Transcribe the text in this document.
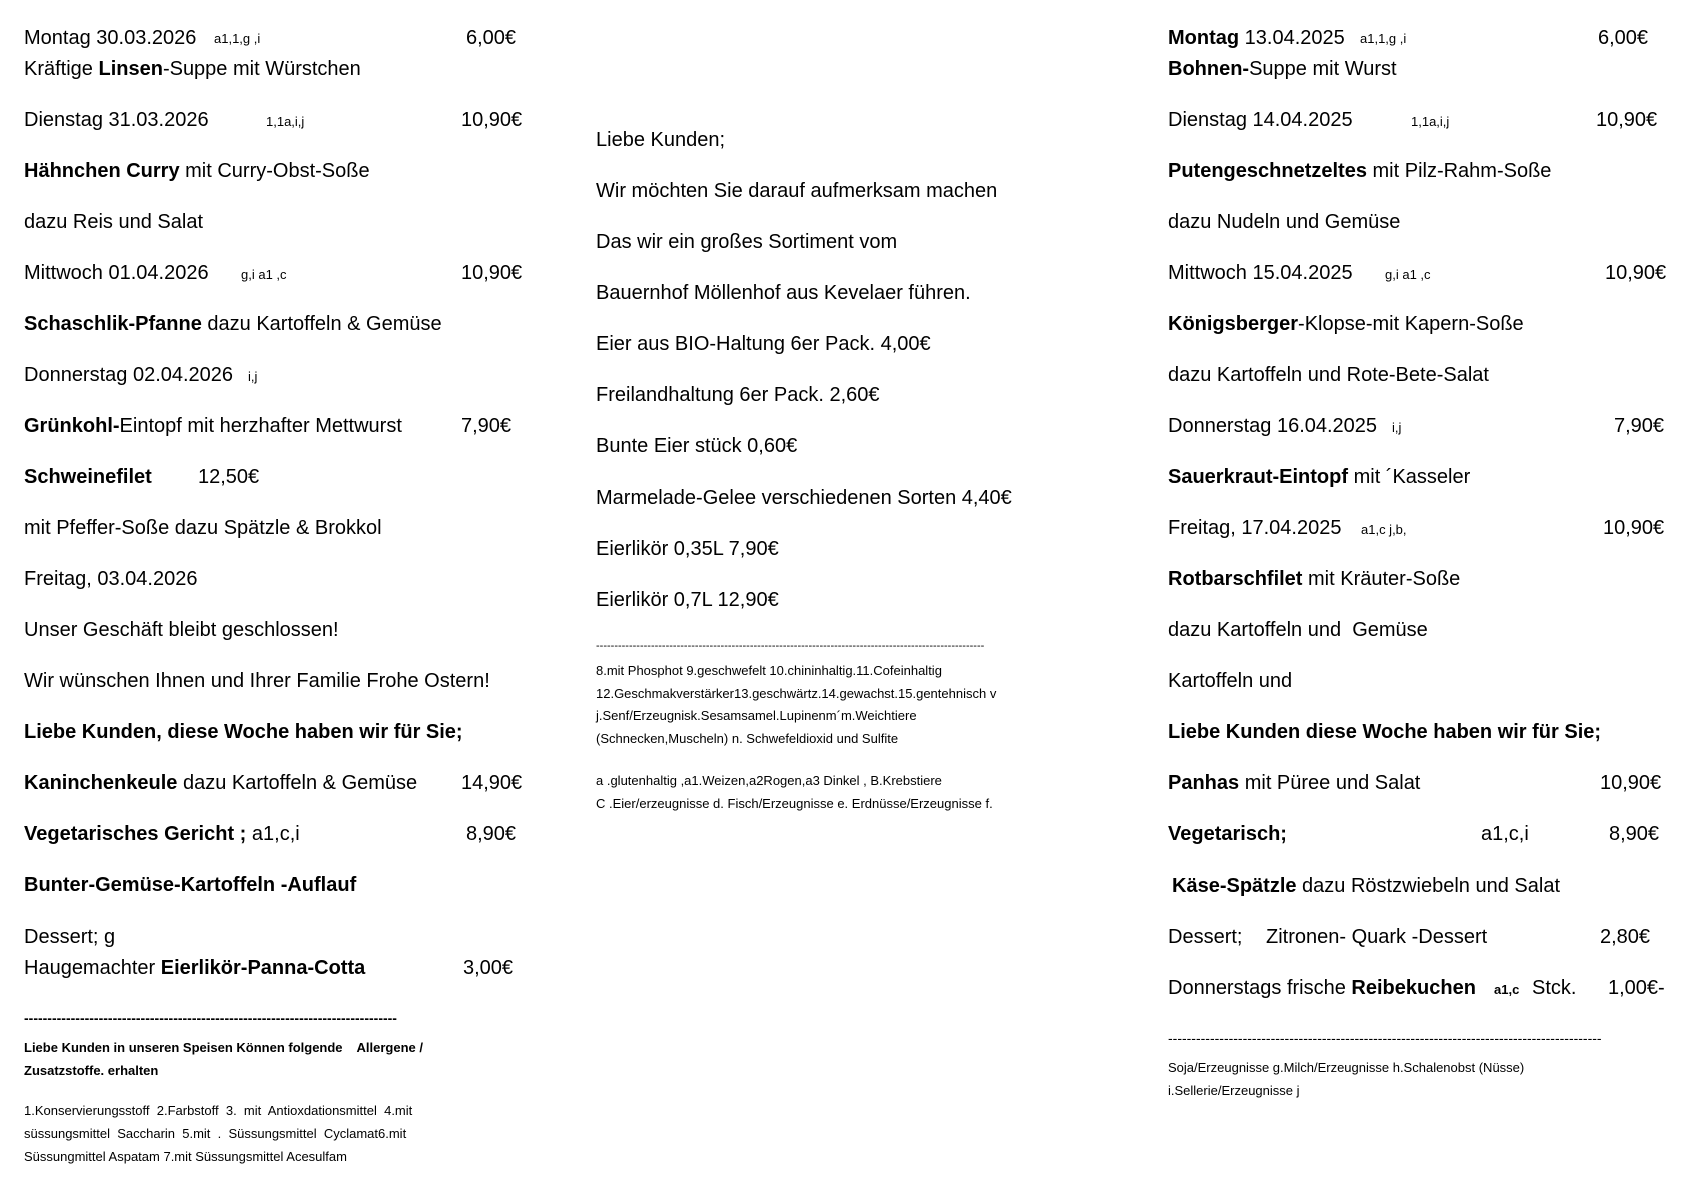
Montag 30.03.2026 a1,1,g ,i	6,00€
Kräftige Linsen-Suppe mit Würstchen
Dienstag 31.03.2026	1,1a,i,j	10,90€
Hähnchen Curry mit Curry-Obst-Soße
dazu Reis und Salat
Mittwoch 01.04.2026 g,i a1 ,c	10,90€
Schaschlik-Pfanne dazu Kartoffeln & Gemüse
Donnerstag 02.04.2026 i,j
Grünkohl-Eintopf mit herzhafter Mettwurst	7,90€
Schweinefilet 12,50€
mit Pfeffer-Soße dazu Spätzle & Brokkol
Freitag, 03.04.2026
Unser Geschäft bleibt geschlossen!
Wir wünschen Ihnen und Ihrer Familie Frohe Ostern!
Liebe Kunden, diese Woche haben wir für Sie;
Kaninchenkeule dazu Kartoffeln & Gemüse 14,90€
Vegetarisches Gericht ; a1,c,i	8,90€
Bunter-Gemüse-Kartoffeln -Auflauf
Dessert; g
Haugemachter Eierlikör-Panna-Cotta	3,00€
--------------------------------------------------------------------------------
Liebe Kunden in unseren Speisen Können folgende    Allergene /
Zusatzstoffe. erhalten
1.Konservierungsstoff  2.Farbstoff  3.  mit  Antioxdationsmittel  4.mit
süssungsmittel  Saccharin  5.mit  .  Süssungsmittel  Cyclamat6.mit
Süssungmittel Aspatam 7.mit Süssungsmittel Acesulfam
Liebe Kunden;
Wir möchten Sie darauf aufmerksam machen
Das wir ein großes Sortiment vom
Bauernhof Möllenhof aus Kevelaer führen.
Eier aus BIO-Haltung 6er Pack. 4,00€
Freilandhaltung 6er Pack. 2,60€
Bunte Eier stück 0,60€
Marmelade-Gelee verschiedenen Sorten 4,40€
Eierlikör 0,35L 7,90€
Eierlikör 0,7L 12,90€
----------------------------------------------------------------------------------------------------------
8.mit Phosphot 9.geschwefelt 10.chininhaltig.11.Cofeinhaltig
12.Geschmakverstärker13.geschwärtz.14.gewachst.15.gentehnisch v
j.Senf/Erzeugnisk.Sesamsamel.Lupinenm´m.Weichtiere
(Schnecken,Muscheln) n. Schwefeldioxid und Sulfite
a .glutenhaltig ,a1.Weizen,a2Rogen,a3 Dinkel , B.Krebstiere
C .Eier/erzeugnisse d. Fisch/Erzeugnisse e. Erdnüsse/Erzeugnisse f.
Montag 13.04.2025 a1,1,g ,i	6,00€
Bohnen-Suppe mit Wurst
Dienstag 14.04.2025	1,1a,i,j	10,90€
Putengeschnetzeltes mit Pilz-Rahm-Soße
dazu Nudeln und Gemüse
Mittwoch 15.04.2025 g,i a1 ,c	10,90€
Königsberger-Klopse-mit Kapern-Soße
dazu Kartoffeln und Rote-Bete-Salat
Donnerstag 16.04.2025 i,j	7,90€
Sauerkraut-Eintopf mit ´Kasseler
Freitag, 17.04.2025 a1,c j,b,	10,90€
Rotbarschfilet mit Kräuter-Soße
dazu Kartoffeln und  Gemüse
Kartoffeln und
Liebe Kunden diese Woche haben wir für Sie;
Panhas mit Püree und Salat	10,90€
Vegetarisch;	a1,c,i	8,90€
Käse-Spätzle dazu Röstzwiebeln und Salat
Dessert; Zitronen- Quark -Dessert	2,80€
Donnerstags frische Reibekuchen a1,c Stck. 1,00€-
---------------------------------------------------------------------------------------------
Soja/Erzeugnisse g.Milch/Erzeugnisse h.Schalenobst (Nüsse)
i.Sellerie/Erzeugnisse j
